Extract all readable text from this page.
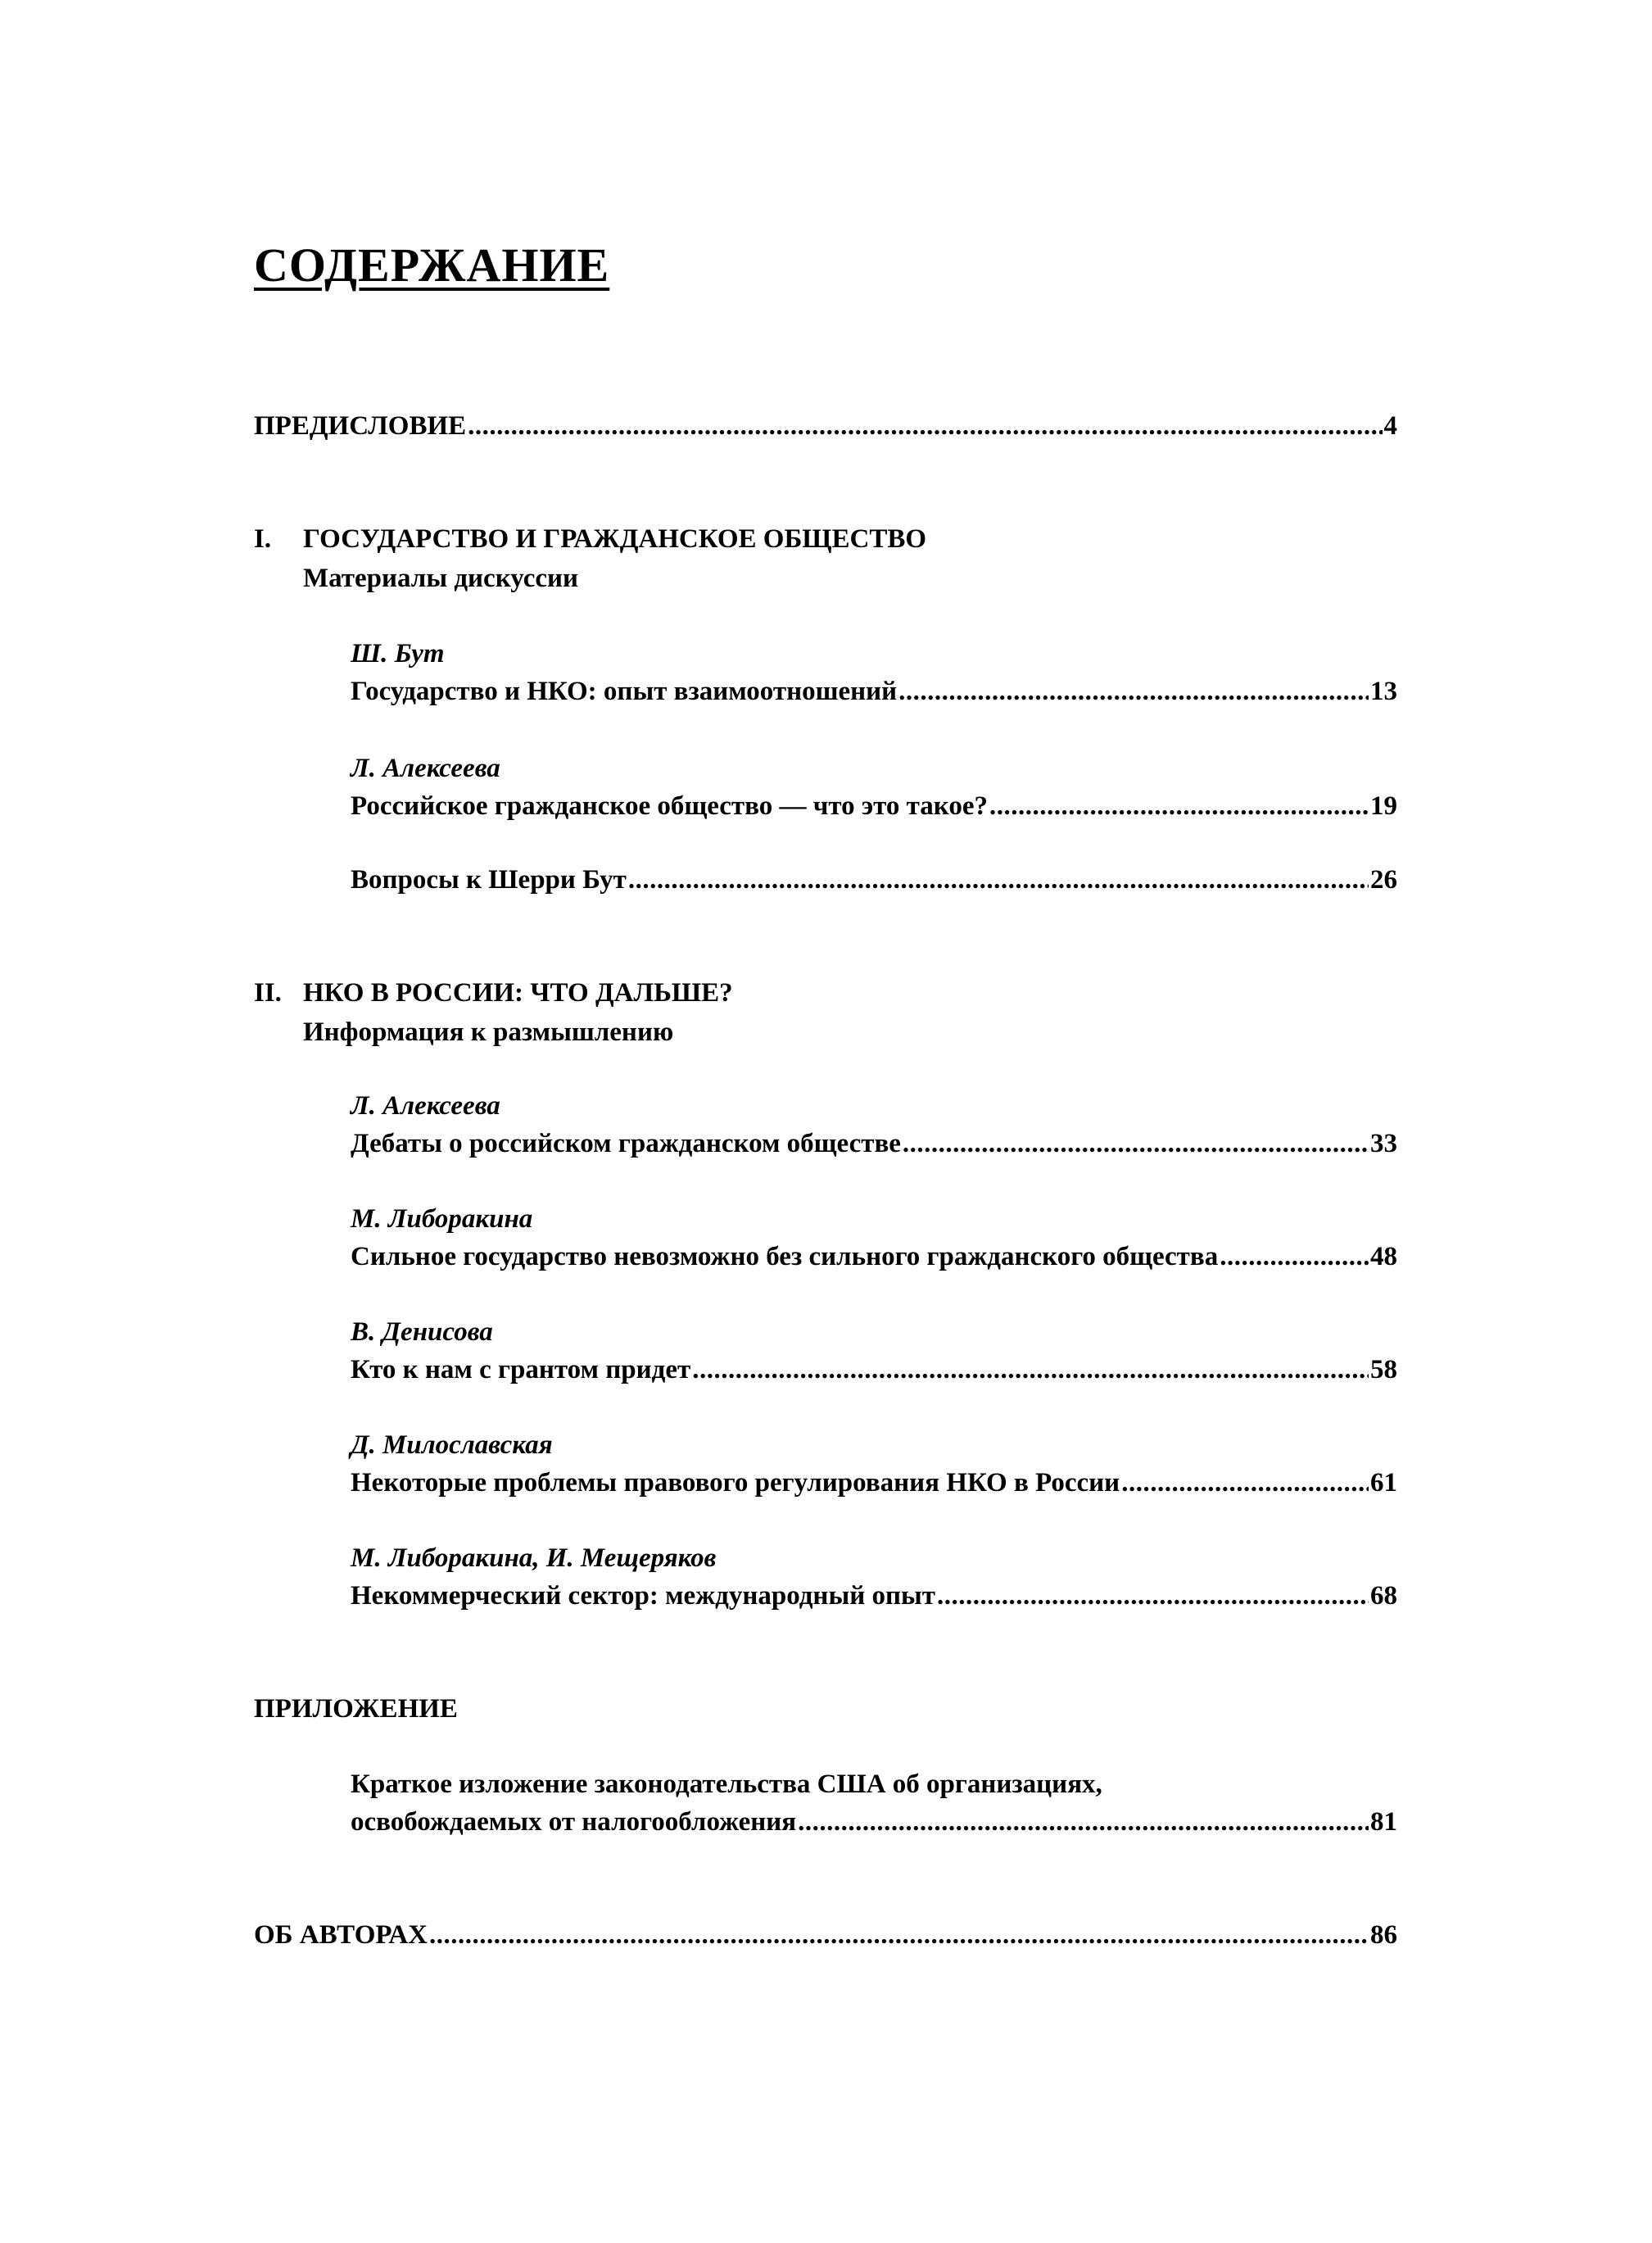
СОДЕРЖАНИЕ
ПРЕДИСЛОВИЕ .....	4
I. ГОСУДАРСТВО И ГРАЖДАНСКОЕ ОБЩЕСТВО
Материалы дискуссии
Ш. Бут
Государство и НКО: опыт взаимоотношений .....	13
Л. Алексеева
Российское гражданское общество — что это такое? .....	19
Вопросы к Шерри Бут .....	26
II. НКО В РОССИИ: ЧТО ДАЛЬШЕ?
Информация к размышлению
Л. Алексеева
Дебаты о российском гражданском обществе .....	33
М. Либоракина
Сильное государство невозможно без сильного гражданского общества .....	48
В. Денисова
Кто к нам с грантом придет .....	58
Д. Милославская
Некоторые проблемы правового регулирования НКО в России .....	61
М. Либоракина, И. Мещеряков
Некоммерческий сектор: международный опыт .....	68
ПРИЛОЖЕНИЕ
Краткое изложение законодательства США об организациях,
освобождаемых от налогообложения .....	81
ОБ АВТОРАХ .....	86
